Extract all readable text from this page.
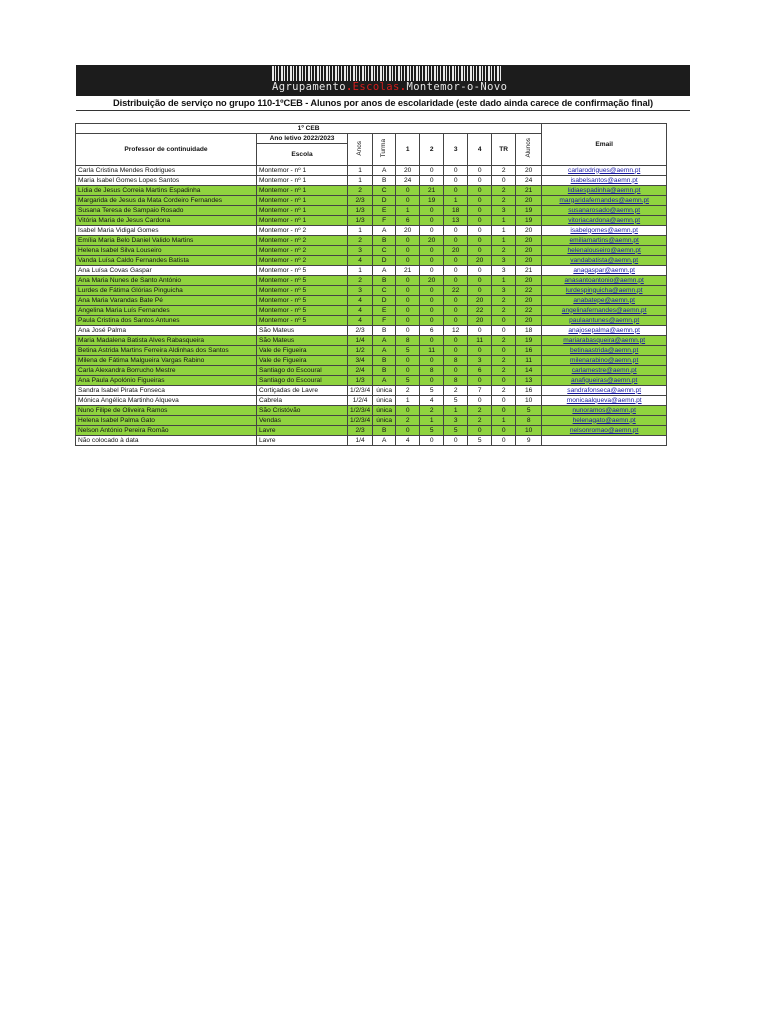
Agrupamento.Escolas.Montemor-o-Novo
Distribuição de serviço no grupo 110-1ºCEB - Alunos por anos de escolaridade (este dado ainda carece de confirmação final)
1º CEB										Email
Professor de continuidade	Ano letivo 2022/2023	Anos	Turma	1	2	3	4	TR	Alunos	
	Escola									
Carla Cristina Mendes Rodrigues	Montemor - nº 1	1	A	20	0	0	0	2	20	carlarodrigues@aemn.pt
Maria Isabel Gomes Lopes Santos	Montemor - nº 1	1	B	24	0	0	0	0	24	isabelsantos@aemn.pt
Lídia de Jesus Correia Martins Espadinha	Montemor - nº 1	2	C	0	21	0	0	2	21	lidiaespadinha@aemn.pt
Margarida de Jesus da Mata Cordeiro Fernandes	Montemor - nº 1	2/3	D	0	19	1	0	2	20	margaridafernandes@aemn.pt
Susana Teresa de Sampaio Rosado	Montemor - nº 1	1/3	E	1	0	18	0	3	19	susanarosado@aemn.pt
Vitória Maria de Jesus Cardona	Montemor - nº 1	1/3	F	6	0	13	0	1	19	vitoriacardona@aemn.pt
Isabel Maria Vidigal Gomes	Montemor - nº 2	1	A	20	0	0	0	1	20	isabelgomes@aemn.pt
Emília Maria Belo Daniel Valido Martins	Montemor - nº 2	2	B	0	20	0	0	1	20	emiliamartins@aemn.pt
Helena Isabel Silva Louseiro	Montemor - nº 2	3	C	0	0	20	0	2	20	helenalouseiro@aemn.pt
Vanda Luísa Caldo Fernandes Batista	Montemor - nº 2	4	D	0	0	0	20	3	20	vandabatista@aemn.pt
Ana Luísa Covas Gaspar	Montemor - nº 5	1	A	21	0	0	0	3	21	anagaspar@aemn.pt
Ana Maria Nunes de Santo António	Montemor - nº 5	2	B	0	20	0	0	1	20	anasantoantonio@aemn.pt
Lurdes de Fátima Glórias Pinguicha	Montemor - nº 5	3	C	0	0	22	0	3	22	lurdespinguicha@aemn.pt
Ana Maria Varandas Bate Pé	Montemor - nº 5	4	D	0	0	0	20	2	20	anabatepe@aemn.pt
Angelina Maria Luís Fernandes	Montemor - nº 5	4	E	0	0	0	22	2	22	angelinafernandes@aemn.pt
Paula Cristina dos Santos Antunes	Montemor - nº 5	4	F	0	0	0	20	0	20	paulaantunes@aemn.pt
Ana José Palma	São Mateus	2/3	B	0	6	12	0	0	18	anajosepalma@aemn.pt
Maria Madalena Batista Alves Rabasqueira	São Mateus	1/4	A	8	0	0	11	2	19	mariarabasqueira@aemn.pt
Betina Astrida Martins Ferreira Aldinhas dos Santos	Vale de Figueira	1/2	A	5	11	0	0	0	16	betinaastrida@aemn.pt
Milena de Fátima Malgueira Vargas Rabino	Vale de Figueira	3/4	B	0	0	8	3	2	11	milenarabino@aemn.pt
Carla Alexandra Borrucho Mestre	Santiago do Escoural	2/4	B	0	8	0	6	2	14	carlamestre@aemn.pt
Ana Paula Apolónio Figueiras	Santiago do Escoural	1/3	A	5	0	8	0	0	13	anafigueiras@aemn.pt
Sandra Isabel Pirata Fonseca	Cortiçadas de Lavre	1/2/3/4	única	2	5	2	7	2	16	sandrafonseca@aemn.pt
Mónica Angélica Martinho Alqueva	Cabrela	1/2/4	única	1	4	5	0	0	10	monicaalqueva@aemn.pt
Nuno Filipe de Oliveira Ramos	São Cristóvão	1/2/3/4	única	0	2	1	2	0	5	nunoramos@aemn.pt
Helena Isabel Palma Gato	Vendas	1/2/3/4	única	2	1	3	2	1	8	helenagato@aemn.pt
Nelson António Pereira Romão	Lavre	2/3	B	0	5	5	0	0	10	nelsonromao@aemn.pt
Não colocado à data	Lavre	1/4	A	4	0	0	5	0	9	
